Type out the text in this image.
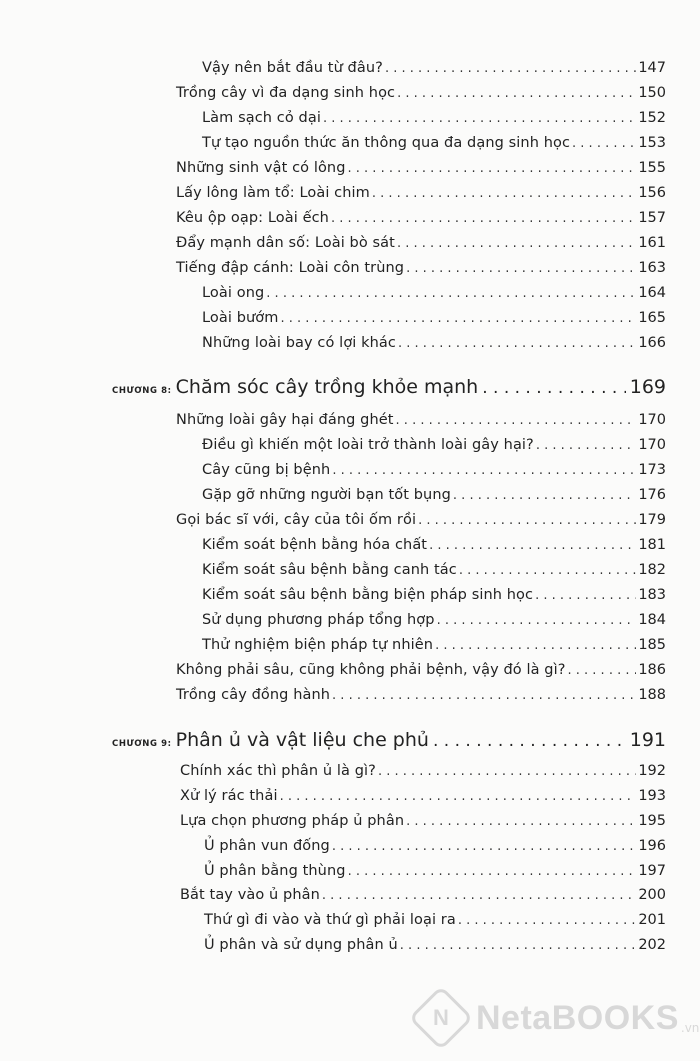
Vậy nên bắt đầu từ đâu? . . .	147
Trồng cây vì đa dạng sinh học . . .	150
Làm sạch cỏ dại . . .	152
Tự tạo nguồn thức ăn thông qua đa dạng sinh học . . .	153
Những sinh vật có lông . . .	155
Lấy lông làm tổ: Loài chim . . .	156
Kêu ộp oạp: Loài ếch . . .	157
Đẩy mạnh dân số: Loài bò sát . . .	161
Tiếng đập cánh: Loài côn trùng . . .	163
Loài ong . . .	164
Loài bướm . . .	165
Những loài bay có lợi khác . . .	166
CHƯƠNG 8: Chăm sóc cây trồng khỏe mạnh . . .	169
Những loài gây hại đáng ghét . . .	170
Điều gì khiến một loài trở thành loài gây hại? . . .	170
Cây cũng bị bệnh . . .	173
Gặp gỡ những người bạn tốt bụng . . .	176
Gọi bác sĩ với, cây của tôi ốm rồi . . .	179
Kiểm soát bệnh bằng hóa chất . . .	181
Kiểm soát sâu bệnh bằng canh tác . . .	182
Kiểm soát sâu bệnh bằng biện pháp sinh học . . .	183
Sử dụng phương pháp tổng hợp . . .	184
Thử nghiệm biện pháp tự nhiên . . .	185
Không phải sâu, cũng không phải bệnh, vậy đó là gì? . . .	186
Trồng cây đồng hành . . .	188
CHƯƠNG 9: Phân ủ và vật liệu che phủ . . .	191
Chính xác thì phân ủ là gì? . . .	192
Xử lý rác thải . . .	193
Lựa chọn phương pháp ủ phân . . .	195
Ủ phân vun đống . . .	196
Ủ phân bằng thùng . . .	197
Bắt tay vào ủ phân . . .	200
Thứ gì đi vào và thứ gì phải loại ra . . .	201
Ủ phân và sử dụng phân ủ . . .	202
N NetaBOOKS .vn
